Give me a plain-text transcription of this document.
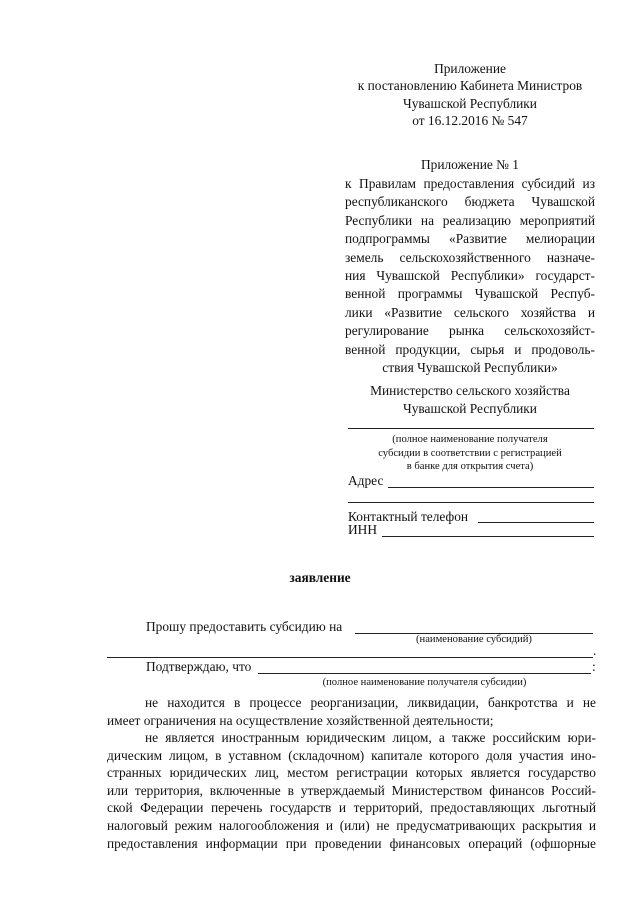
Приложение
к постановлению Кабинета Министров
Чувашской Республики
от 16.12.2016 № 547
Приложение № 1
к Правилам предоставления субсидий из
республиканского бюджета Чувашской
Республики на реализацию мероприятий
подпрограммы «Развитие мелиорации
земель сельскохозяйственного назначе-
ния Чувашской Республики» государст-
венной программы Чувашской Респуб-
лики «Развитие сельского хозяйства и
регулирование рынка сельскохозяйст-
венной продукции, сырья и продоволь-
ствия Чувашской Республики»
Министерство сельского хозяйства
Чувашской Республики
(полное наименование получателя
субсидии в соответствии с регистрацией
в банке для открытия счета)
Адрес
Контактный телефон
ИНН
заявление
Прошу предоставить субсидию на
(наименование субсидий)
.
Подтверждаю, что	:
(полное наименование получателя субсидии)
не находится в процессе реорганизации, ликвидации, банкротства и не
имеет ограничения на осуществление хозяйственной деятельности;
не является иностранным юридическим лицом, а также российским юри-
дическим лицом, в уставном (складочном) капитале которого доля участия ино-
странных юридических лиц, местом регистрации которых является государство
или территория, включенные в утверждаемый Министерством финансов Россий-
ской Федерации перечень государств и территорий, предоставляющих льготный
налоговый режим налогообложения и (или) не предусматривающих раскрытия и
предоставления информации при проведении финансовых операций (офшорные
